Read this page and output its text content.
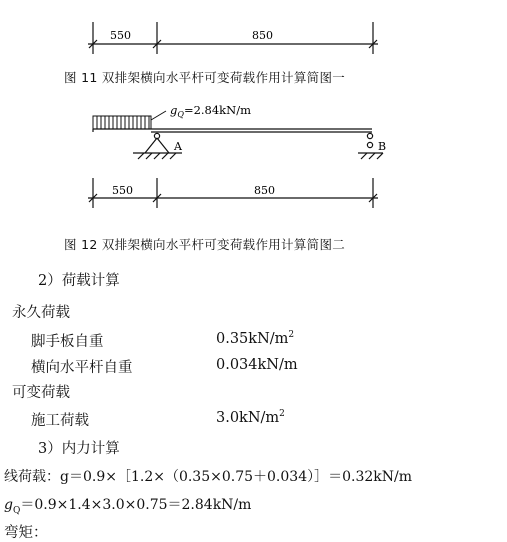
550	850
图 11 双排架横向水平杆可变荷载作用计算简图一
$g_Q=2.84kN/m$
A	B
550	850
图 12 双排架横向水平杆可变荷载作用计算简图二
2）荷载计算
永久荷载
脚手板自重	$0.35kN/m^2$
横向水平杆自重	0.034kN/m
可变荷载
施工荷载	$3.0kN/m^2$
3）内力计算
线荷载：g＝0.9×［1.2×（0.35×0.75＋0.034）］＝0.32kN/m
$g_Q=0.9\times 1.4\times 3.0\times 0.75=2.84kN/m$
弯矩：
